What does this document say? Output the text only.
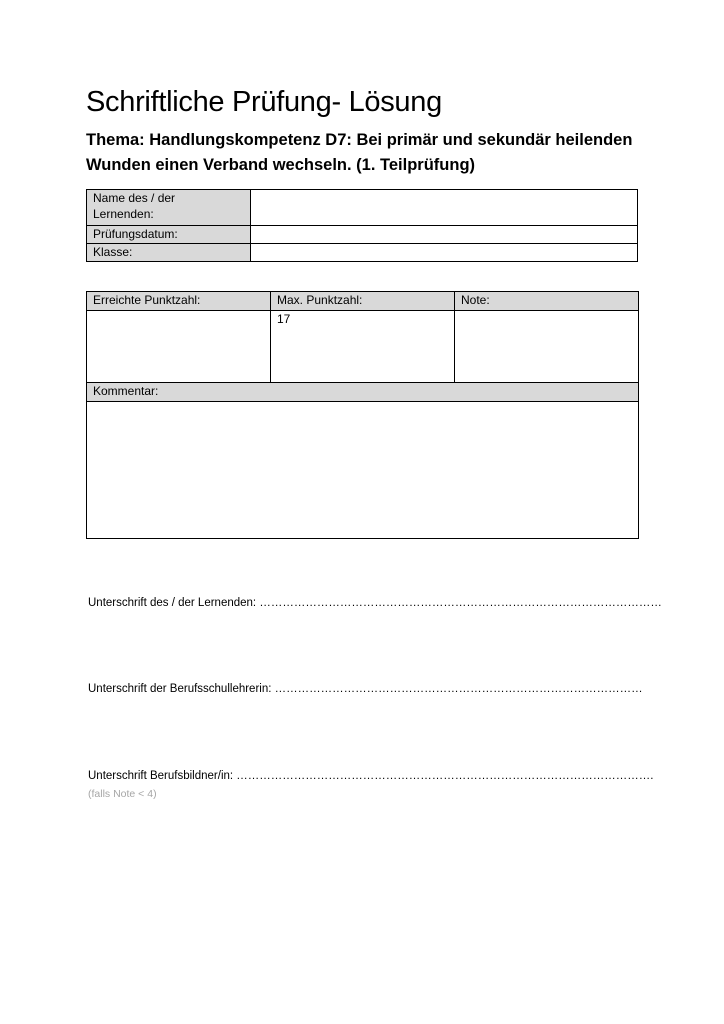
Schriftliche Prüfung- Lösung
Thema: Handlungskompetenz D7: Bei primär und sekundär heilenden
Wunden einen Verband wechseln. (1. Teilprüfung)
Name des / der
Lernenden:	

Prüfungsdatum:	
Klasse:	
Erreichte Punktzahl:	Max. Punktzahl:	Note:
	17	
Kommentar:		

Unterschrift des / der Lernenden: ……………………………………………………………………………………………

Unterschrift der Berufsschullehrerin: ……………………………………………………………………………………

Unterschrift Berufsbildner/in: ……………………………………………………………………………………………….

(falls Note < 4)
